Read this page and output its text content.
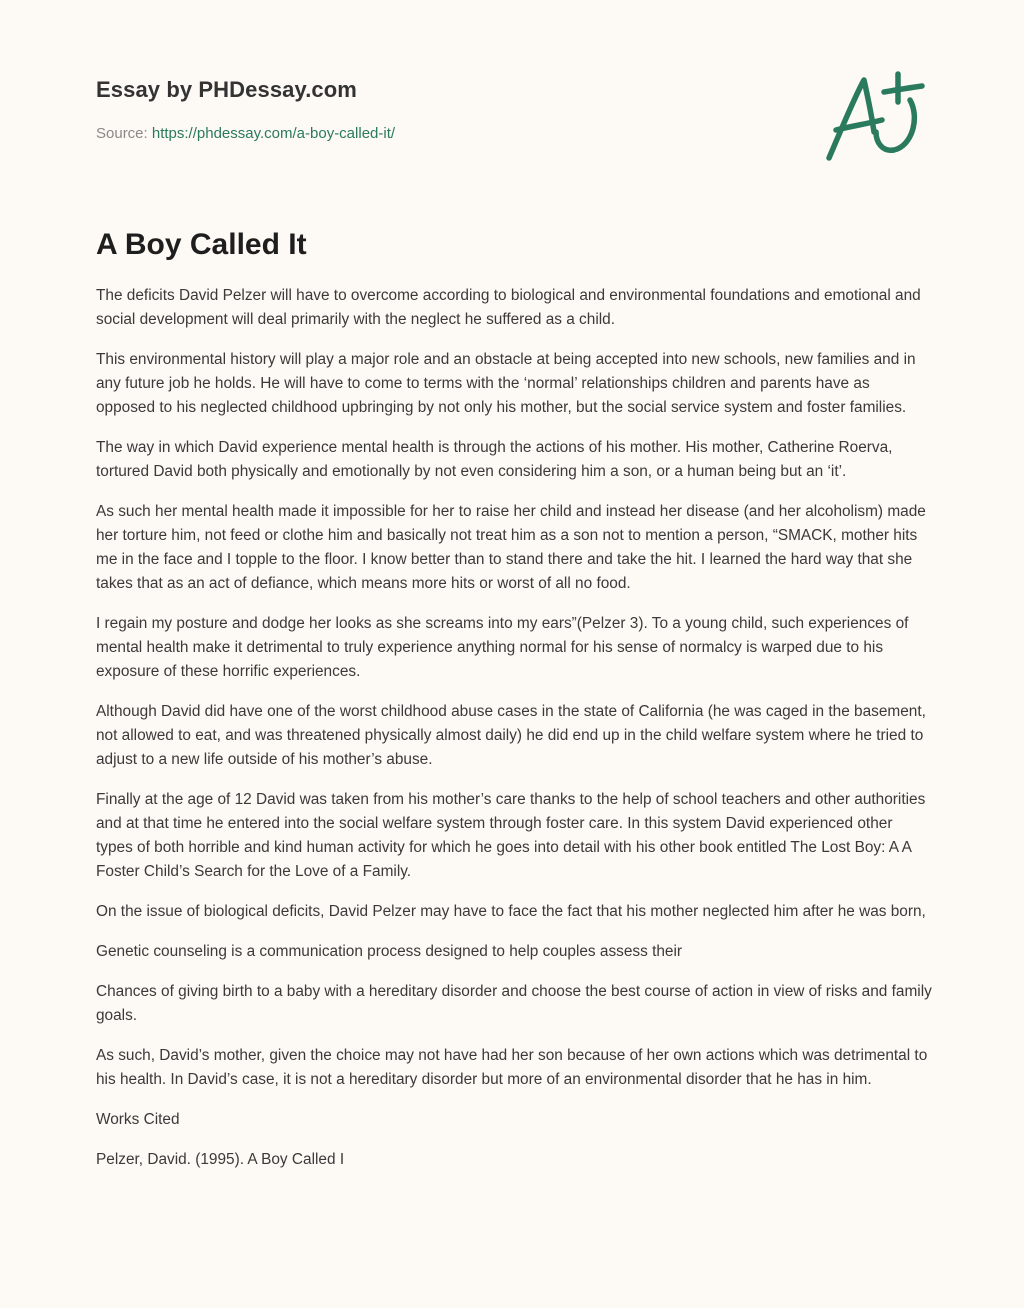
Essay by PHDessay.com
Source: https://phdessay.com/a-boy-called-it/
A Boy Called It

The deficits David Pelzer will have to overcome according to biological and environmental foundations and emotional and social development will deal primarily with the neglect he suffered as a child.

This environmental history will play a major role and an obstacle at being accepted into new schools, new families and in any future job he holds. He will have to come to terms with the ‘normal’ relationships children and parents have as opposed to his neglected childhood upbringing by not only his mother, but the social service system and foster families.

The way in which David experience mental health is through the actions of his mother. His mother, Catherine Roerva, tortured David both physically and emotionally by not even considering him a son, or a human being but an ‘it’.

As such her mental health made it impossible for her to raise her child and instead her disease (and her alcoholism) made her torture him, not feed or clothe him and basically not treat him as a son not to mention a person, “SMACK, mother hits me in the face and I topple to the floor. I know better than to stand there and take the hit. I learned the hard way that she takes that as an act of defiance, which means more hits or worst of all no food.

I regain my posture and dodge her looks as she screams into my ears”(Pelzer 3). To a young child, such experiences of mental health make it detrimental to truly experience anything normal for his sense of normalcy is warped due to his exposure of these horrific experiences.

Although David did have one of the worst childhood abuse cases in the state of California (he was caged in the basement, not allowed to eat, and was threatened physically almost daily) he did end up in the child welfare system where he tried to adjust to a new life outside of his mother’s abuse.

Finally at the age of 12 David was taken from his mother’s care thanks to the help of school teachers and other authorities and at that time he entered into the social welfare system through foster care. In this system David experienced other types of both horrible and kind human activity for which he goes into detail with his other book entitled The Lost Boy: A A Foster Child’s Search for the Love of a Family.

On the issue of biological deficits, David Pelzer may have to face the fact that his mother neglected him after he was born,

Genetic counseling is a communication process designed to help couples assess their

Chances of giving birth to a baby with a hereditary disorder and choose the best course of action in view of risks and family goals.

As such, David’s mother, given the choice may not have had her son because of her own actions which was detrimental to his health. In David’s case, it is not a hereditary disorder but more of an environmental disorder that he has in him.

Works Cited

Pelzer, David. (1995). A Boy Called I
